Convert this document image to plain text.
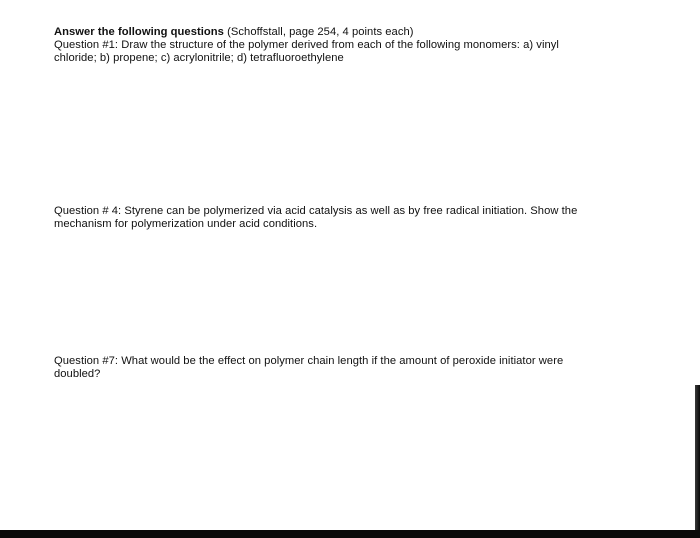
Answer the following questions (Schoffstall, page 254, 4 points each)
Question #1: Draw the structure of the polymer derived from each of the following monomers: a) vinyl
chloride; b) propene; c) acrylonitrile; d) tetrafluoroethylene
Question # 4: Styrene can be polymerized via acid catalysis as well as by free radical initiation. Show the
mechanism for polymerization under acid conditions.
Question #7: What would be the effect on polymer chain length if the amount of peroxide initiator were
doubled?
